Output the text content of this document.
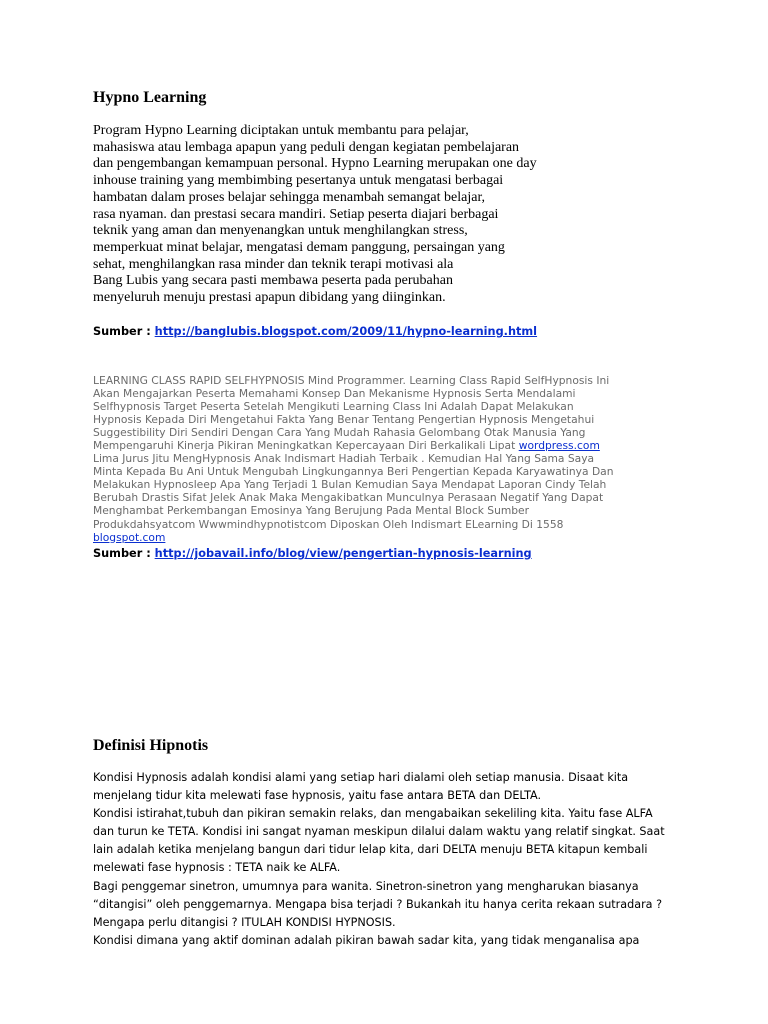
Hypno Learning
Program Hypno Learning diciptakan untuk membantu para pelajar,
mahasiswa atau lembaga apapun yang peduli dengan kegiatan pembelajaran
dan pengembangan kemampuan personal. Hypno Learning merupakan one day
inhouse training yang membimbing pesertanya untuk mengatasi berbagai
hambatan dalam proses belajar sehingga menambah semangat belajar,
rasa nyaman. dan prestasi secara mandiri. Setiap peserta diajari berbagai
teknik yang aman dan menyenangkan untuk menghilangkan stress,
memperkuat minat belajar, mengatasi demam panggung, persaingan yang
sehat, menghilangkan rasa minder dan teknik terapi motivasi ala
Bang Lubis yang secara pasti membawa peserta pada perubahan
menyeluruh menuju prestasi apapun dibidang yang diinginkan.
Sumber : http://banglubis.blogspot.com/2009/11/hypno-learning.html
LEARNING CLASS RAPID SELFHYPNOSIS Mind Programmer. Learning Class Rapid SelfHypnosis Ini
Akan Mengajarkan Peserta Memahami Konsep Dan Mekanisme Hypnosis Serta Mendalami
Selfhypnosis Target Peserta Setelah Mengikuti Learning Class Ini Adalah Dapat Melakukan
Hypnosis Kepada Diri Mengetahui Fakta Yang Benar Tentang Pengertian Hypnosis Mengetahui
Suggestibility Diri Sendiri Dengan Cara Yang Mudah Rahasia Gelombang Otak Manusia Yang
Mempengaruhi Kinerja Pikiran Meningkatkan Kepercayaan Diri Berkalikali Lipat wordpress.com
Lima Jurus Jitu MengHypnosis Anak Indismart Hadiah Terbaik . Kemudian Hal Yang Sama Saya
Minta Kepada Bu Ani Untuk Mengubah Lingkungannya Beri Pengertian Kepada Karyawatinya Dan
Melakukan Hypnosleep Apa Yang Terjadi 1 Bulan Kemudian Saya Mendapat Laporan Cindy Telah
Berubah Drastis Sifat Jelek Anak Maka Mengakibatkan Munculnya Perasaan Negatif Yang Dapat
Menghambat Perkembangan Emosinya Yang Berujung Pada Mental Block Sumber
Produkdahsyatcom Wwwmindhypnotistcom Diposkan Oleh Indismart ELearning Di 1558
blogspot.com
Sumber : http://jobavail.info/blog/view/pengertian-hypnosis-learning
Definisi Hipnotis
Kondisi Hypnosis adalah kondisi alami yang setiap hari dialami oleh setiap manusia. Disaat kita
menjelang tidur kita melewati fase hypnosis, yaitu fase antara BETA dan DELTA.
Kondisi istirahat,tubuh dan pikiran semakin relaks, dan mengabaikan sekeliling kita. Yaitu fase ALFA
dan turun ke TETA. Kondisi ini sangat nyaman meskipun dilalui dalam waktu yang relatif singkat. Saat
lain adalah ketika menjelang bangun dari tidur lelap kita, dari DELTA menuju BETA kitapun kembali
melewati fase hypnosis : TETA naik ke ALFA.
Bagi penggemar sinetron, umumnya para wanita. Sinetron-sinetron yang mengharukan biasanya
“ditangisi” oleh penggemarnya. Mengapa bisa terjadi ? Bukankah itu hanya cerita rekaan sutradara ?
Mengapa perlu ditangisi ? ITULAH KONDISI HYPNOSIS.
Kondisi dimana yang aktif dominan adalah pikiran bawah sadar kita, yang tidak menganalisa apa
